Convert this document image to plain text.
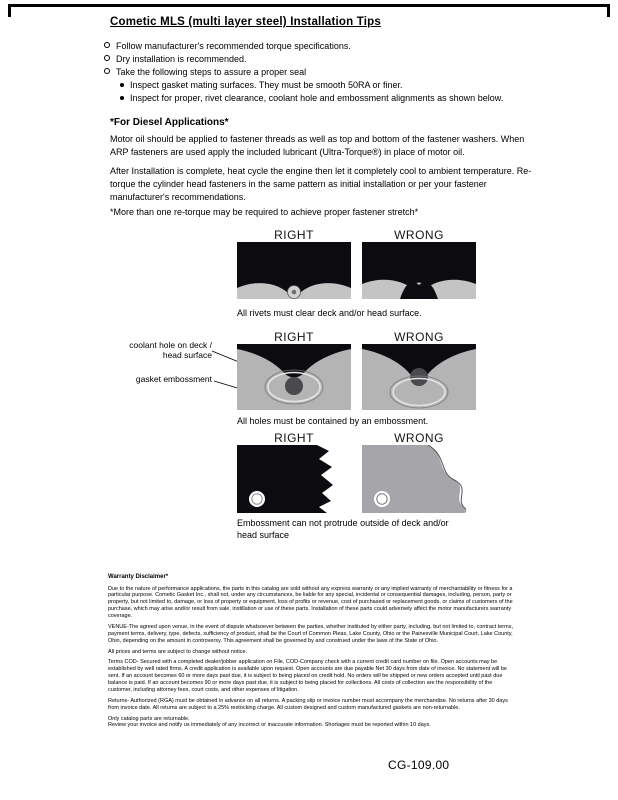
Cometic MLS (multi layer steel) Installation Tips
Follow manufacturer's recommended torque specifications.
Dry installation is recommended.
Take the following steps to assure a proper seal
Inspect gasket mating surfaces. They must be smooth 50RA or finer.
Inspect for proper, rivet clearance, coolant hole and embossment alignments as shown below.
*For Diesel Applications*
Motor oil should be applied to fastener threads as well as top and bottom of the fastener washers. When ARP fasteners are used apply the included lubricant (Ultra-Torque®) in place of motor oil.
After Installation is complete, heat cycle the engine then let it completely cool to ambient temperature. Re-torque the cylinder head fasteners in the same pattern as initial installation or per your fastener manufacturer's recommendations.
*More than one re-torque may be required to achieve proper fastener stretch*
RIGHT	WRONG
All rivets must clear deck and/or head surface.
coolant hole on deck / head surface
gasket embossment
RIGHT	WRONG
All holes must be contained by an embossment.
RIGHT	WRONG
Embossment can not protrude outside of deck and/or head surface
Warranty Disclaimer*

Due to the nature of performance applications, the parts in this catalog are sold without any express warranty or any implied warranty of merchantability or fitness for a particular purpose. Cometic Gasket Inc., shall not, under any circumstances, be liable for any special, incidental or consequential damages, including, person, party or property, but not limited to, damage, or loss of property or equipment, loss of profits or revenue, cost of purchased or replacement goods, or claims of customers of the purchase, which may arise and/or result from sale, instillation or use of these parts. Installation of these parts could adversely affect the motor manufacturers warranty coverage.

VENUE-The agreed upon venue, in the event of dispute whatsoever between the parties, whether instituted by either party, including, but not limited to, contract terms, payment terms, delivery, type, defects, sufficiency of product, shall be the Court of Common Pleas, Lake County, Ohio or the Painesville Municipal Court, Lake County, Ohio, depending on the amount in controversy. This agreement shall be governed by and construed under the laws of the State of Ohio.

All prices and terms are subject to change without notice.

Terms COD- Secured with a completed dealer/jobber application on File, COD-Company check with a current credit card number on file. Open accounts may be established by well rated firms. A credit application is available upon request. Open accounts are due payable Net 30 days from date of invoice. No statement will be sent. If an account becomes 60 or more days past due, it is subject to being placed on credit hold. No orders will be shipped or new orders accepted until past due balance is paid. If an account becomes 90 or more days past due, it is subject to being placed for collections. All costs of collection are the responsibility of the customer, including attorney fees, court costs, and other expenses of litigation.

Returns- Authorized (RGA) must be obtained in advance on all returns. A packing slip or invoice number must accompany the merchandise. No returns after 30 days from invoice date. All returns are subject to a 25% restocking charge. All custom designed and custom manufactured gaskets are non-returnable.

Only catalog parts are returnable.

Review your invoice and notify us immediately of any incorrect or inaccurate information. Shortages must be reported within 10 days.

CG-109.00
